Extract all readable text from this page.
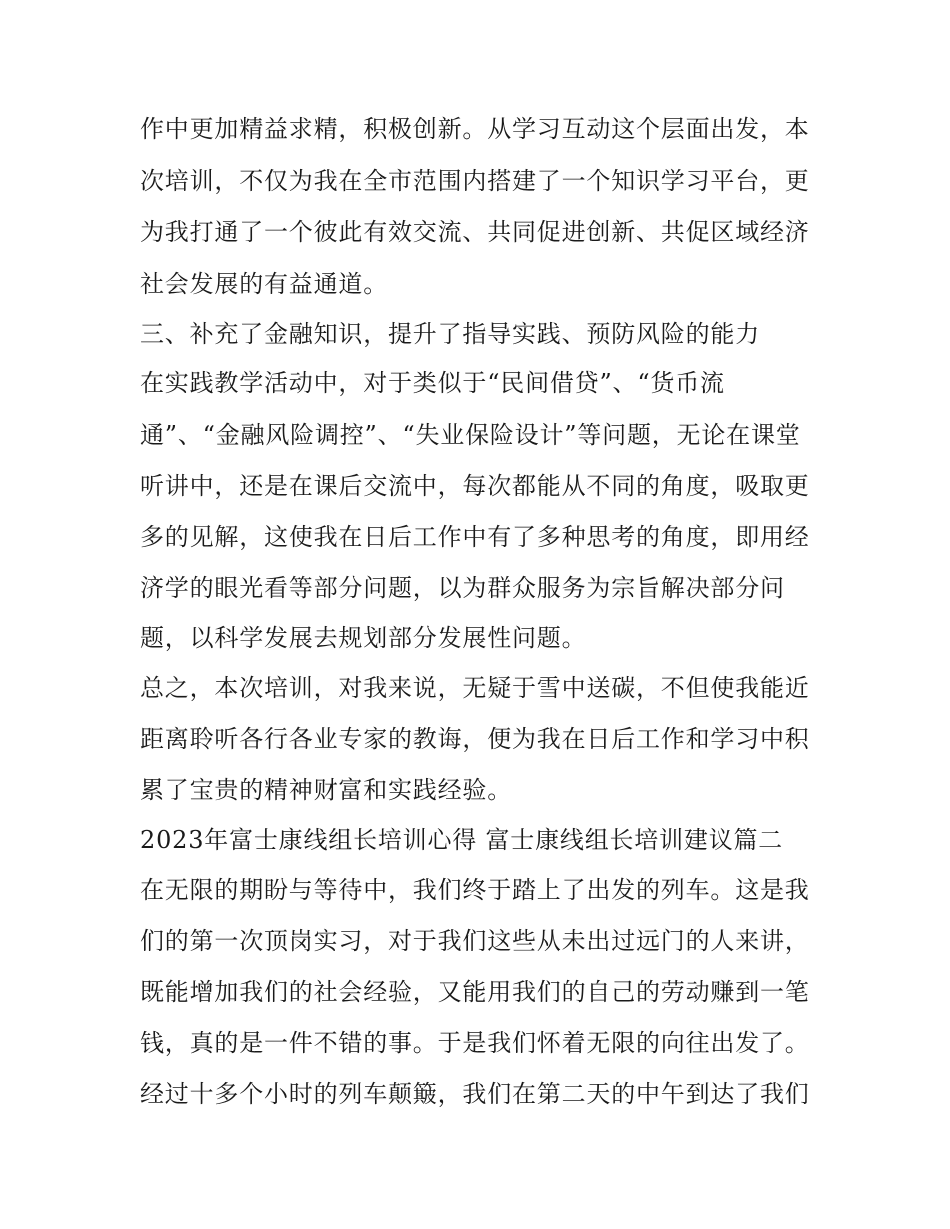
作中更加精益求精，积极创新。从学习互动这个层面出发，本
次培训，不仅为我在全市范围内搭建了一个知识学习平台，更
为我打通了一个彼此有效交流、共同促进创新、共促区域经济
社会发展的有益通道。
三、补充了金融知识，提升了指导实践、预防风险的能力
在实践教学活动中，对于类似于“民间借贷”、“货币流
通”、“金融风险调控”、“失业保险设计”等问题，无论在课堂
听讲中，还是在课后交流中，每次都能从不同的角度，吸取更
多的见解，这使我在日后工作中有了多种思考的角度，即用经
济学的眼光看等部分问题，以为群众服务为宗旨解决部分问
题，以科学发展去规划部分发展性问题。
总之，本次培训，对我来说，无疑于雪中送碳，不但使我能近
距离聆听各行各业专家的教诲，便为我在日后工作和学习中积
累了宝贵的精神财富和实践经验。
2023年富士康线组长培训心得 富士康线组长培训建议篇二
在无限的期盼与等待中，我们终于踏上了出发的列车。这是我
们的第一次顶岗实习，对于我们这些从未出过远门的人来讲，
既能增加我们的社会经验，又能用我们的自己的劳动赚到一笔
钱，真的是一件不错的事。于是我们怀着无限的向往出发了。
经过十多个小时的列车颠簸，我们在第二天的中午到达了我们
